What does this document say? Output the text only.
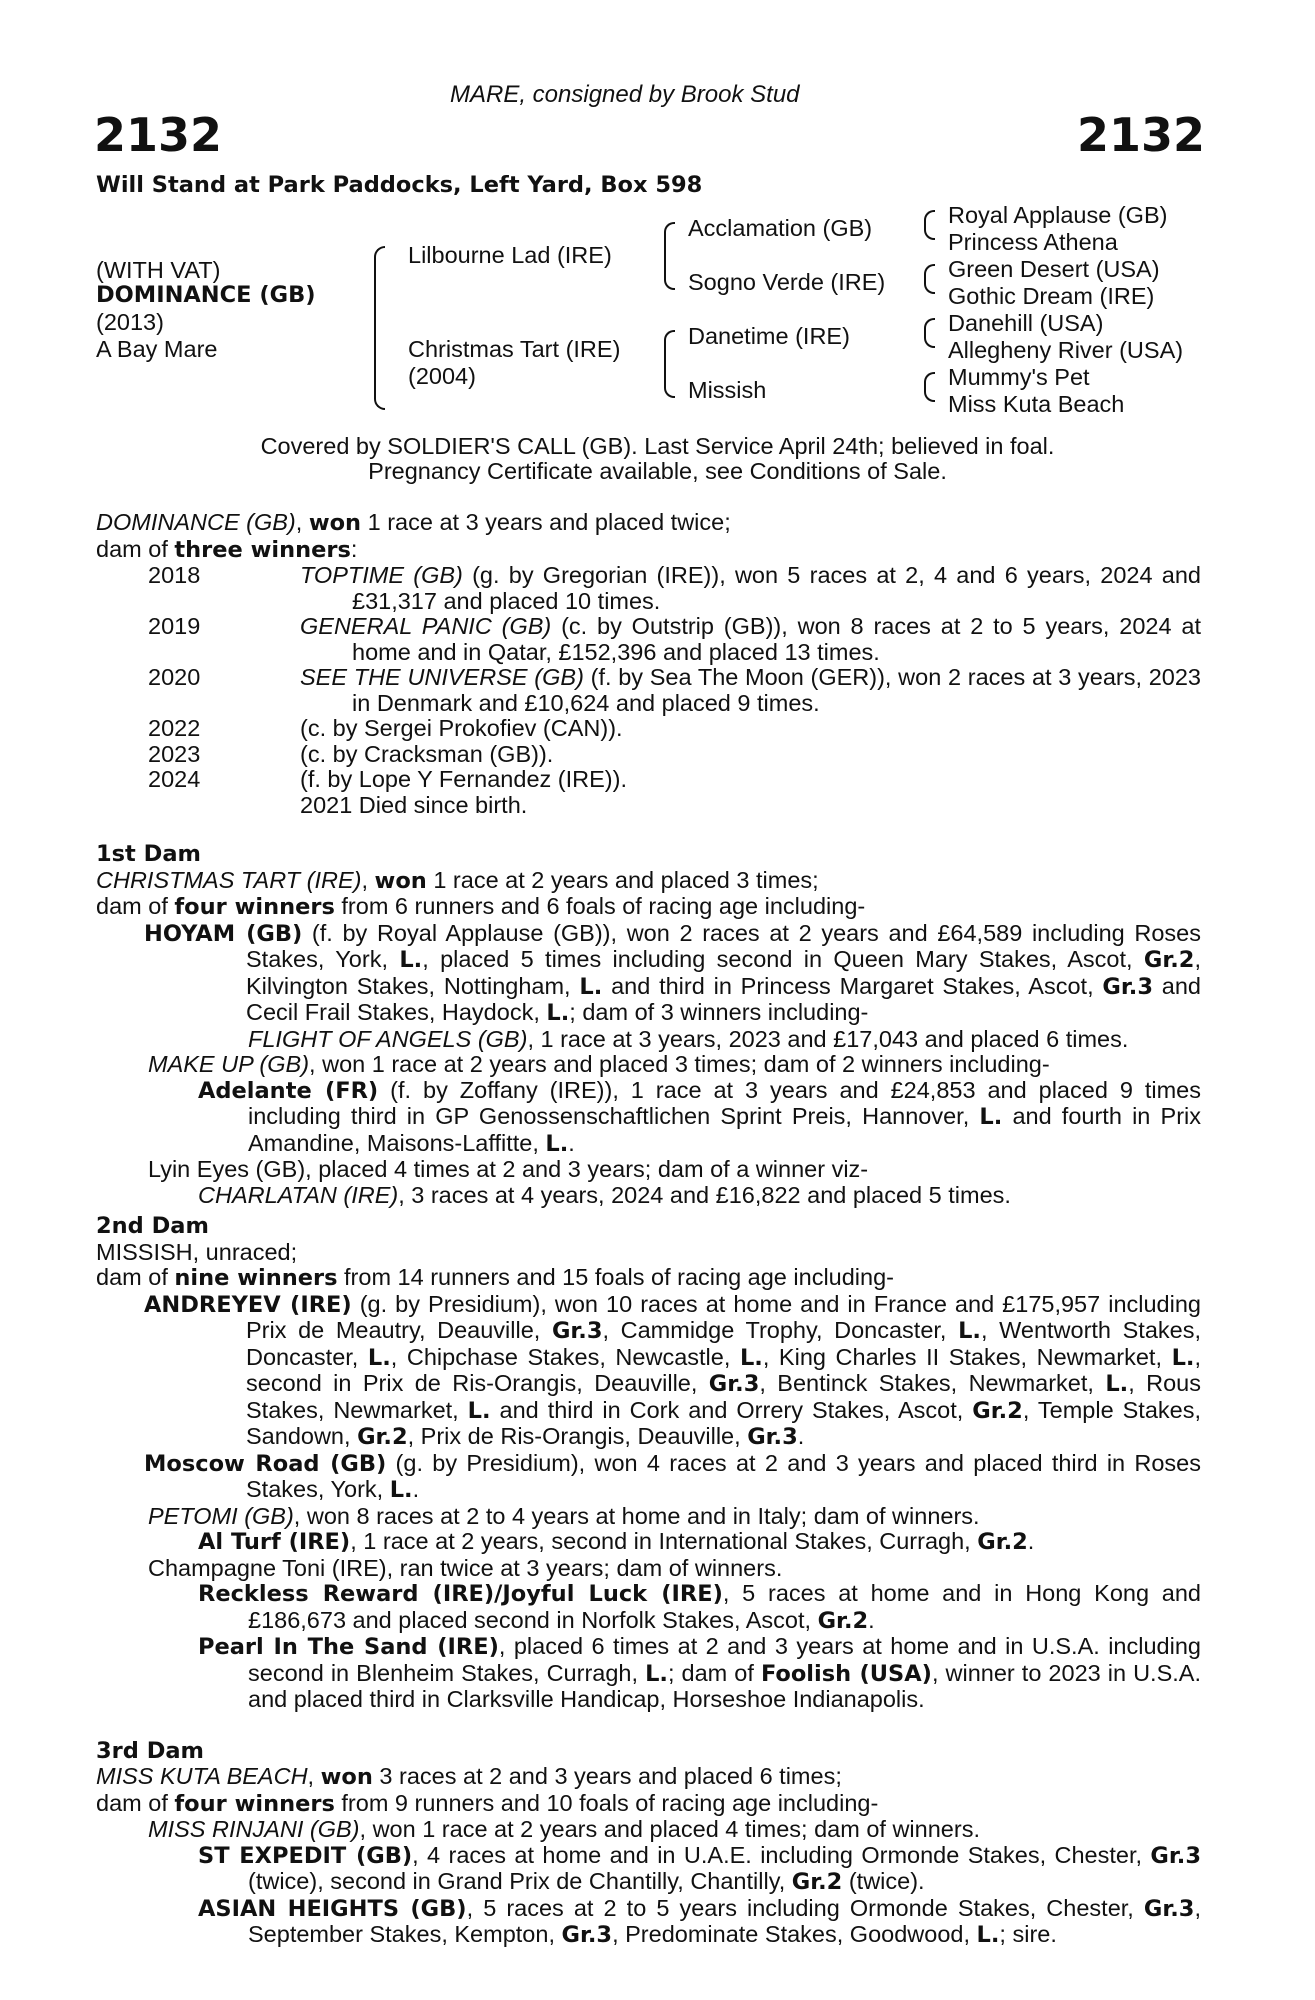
MARE, consigned by Brook Stud
2132	2132
Will Stand at Park Paddocks, Left Yard, Box 598
(WITH VAT)
DOMINANCE (GB)
(2013)
A Bay Mare
Lilbourne Lad (IRE)
Christmas Tart (IRE)
(2004)
Acclamation (GB)
Sogno Verde (IRE)
Danetime (IRE)
Missish
Royal Applause (GB)
Princess Athena
Green Desert (USA)
Gothic Dream (IRE)
Danehill (USA)
Allegheny River (USA)
Mummy's Pet
Miss Kuta Beach
Covered by SOLDIER'S CALL (GB). Last Service April 24th; believed in foal.
Pregnancy Certificate available, see Conditions of Sale.

DOMINANCE (GB), won 1 race at 3 years and placed twice;

dam of three winners:

2018	TOPTIME (GB) (g. by Gregorian (IRE)), won 5 races at 2, 4 and 6 years, 2024 and £31,317 and placed 10 times.
2019	GENERAL PANIC (GB) (c. by Outstrip (GB)), won 8 races at 2 to 5 years, 2024 at home and in Qatar, £152,396 and placed 13 times.
2020	SEE THE UNIVERSE (GB) (f. by Sea The Moon (GER)), won 2 races at 3 years, 2023 in Denmark and £10,624 and placed 9 times.
2022	(c. by Sergei Prokofiev (CAN)).
2023	(c. by Cracksman (GB)).
2024	(f. by Lope Y Fernandez (IRE)).
2021 Died since birth.

1st Dam

CHRISTMAS TART (IRE), won 1 race at 2 years and placed 3 times;

dam of four winners from 6 runners and 6 foals of racing age including-

HOYAM (GB) (f. by Royal Applause (GB)), won 2 races at 2 years and £64,589 including Roses Stakes, York, L., placed 5 times including second in Queen Mary Stakes, Ascot, Gr.2, Kilvington Stakes, Nottingham, L. and third in Princess Margaret Stakes, Ascot, Gr.3 and Cecil Frail Stakes, Haydock, L.; dam of 3 winners including-

FLIGHT OF ANGELS (GB), 1 race at 3 years, 2023 and £17,043 and placed 6 times.

MAKE UP (GB), won 1 race at 2 years and placed 3 times; dam of 2 winners including-

Adelante (FR) (f. by Zoffany (IRE)), 1 race at 3 years and £24,853 and placed 9 times including third in GP Genossenschaftlichen Sprint Preis, Hannover, L. and fourth in Prix Amandine, Maisons-Laffitte, L..

Lyin Eyes (GB), placed 4 times at 2 and 3 years; dam of a winner viz-

CHARLATAN (IRE), 3 races at 4 years, 2024 and £16,822 and placed 5 times.

2nd Dam

MISSISH, unraced;

dam of nine winners from 14 runners and 15 foals of racing age including-

ANDREYEV (IRE) (g. by Presidium), won 10 races at home and in France and £175,957 including Prix de Meautry, Deauville, Gr.3, Cammidge Trophy, Doncaster, L., Wentworth Stakes, Doncaster, L., Chipchase Stakes, Newcastle, L., King Charles II Stakes, Newmarket, L., second in Prix de Ris-Orangis, Deauville, Gr.3, Bentinck Stakes, Newmarket, L., Rous Stakes, Newmarket, L. and third in Cork and Orrery Stakes, Ascot, Gr.2, Temple Stakes, Sandown, Gr.2, Prix de Ris-Orangis, Deauville, Gr.3.

Moscow Road (GB) (g. by Presidium), won 4 races at 2 and 3 years and placed third in Roses Stakes, York, L..

PETOMI (GB), won 8 races at 2 to 4 years at home and in Italy; dam of winners.

Al Turf (IRE), 1 race at 2 years, second in International Stakes, Curragh, Gr.2.

Champagne Toni (IRE), ran twice at 3 years; dam of winners.

Reckless Reward (IRE)/Joyful Luck (IRE), 5 races at home and in Hong Kong and £186,673 and placed second in Norfolk Stakes, Ascot, Gr.2.

Pearl In The Sand (IRE), placed 6 times at 2 and 3 years at home and in U.S.A. including second in Blenheim Stakes, Curragh, L.; dam of Foolish (USA), winner to 2023 in U.S.A. and placed third in Clarksville Handicap, Horseshoe Indianapolis.

3rd Dam

MISS KUTA BEACH, won 3 races at 2 and 3 years and placed 6 times;

dam of four winners from 9 runners and 10 foals of racing age including-

MISS RINJANI (GB), won 1 race at 2 years and placed 4 times; dam of winners.

ST EXPEDIT (GB), 4 races at home and in U.A.E. including Ormonde Stakes, Chester, Gr.3 (twice), second in Grand Prix de Chantilly, Chantilly, Gr.2 (twice).

ASIAN HEIGHTS (GB), 5 races at 2 to 5 years including Ormonde Stakes, Chester, Gr.3, September Stakes, Kempton, Gr.3, Predominate Stakes, Goodwood, L.; sire.
